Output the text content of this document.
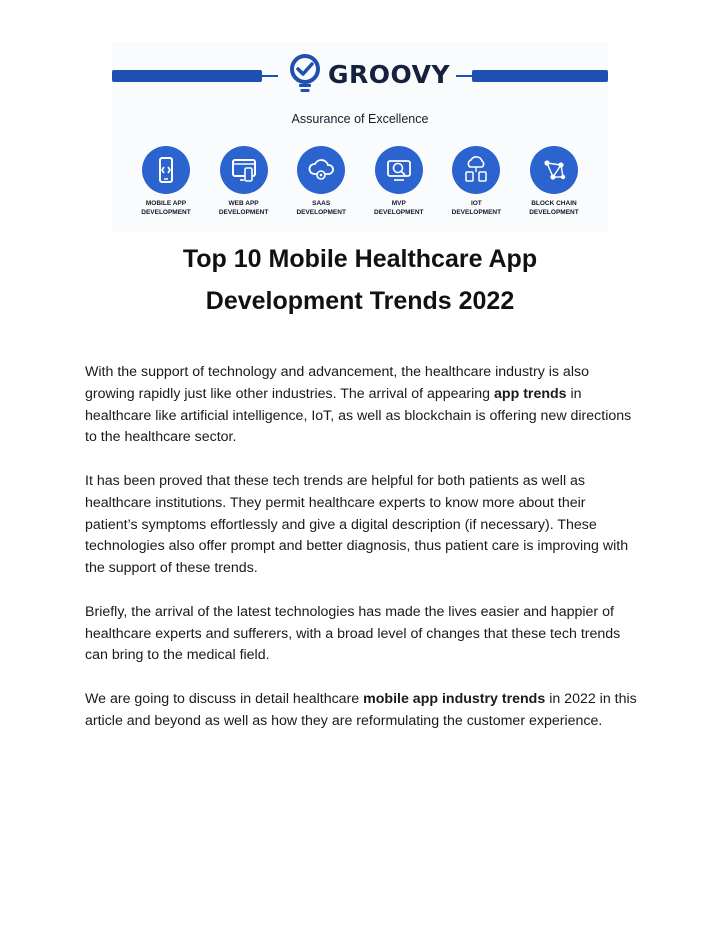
GROOVY
Assurance of Excellence
MOBILE APP
DEVELOPMENT
WEB APP
DEVELOPMENT
SAAS
DEVELOPMENT
MVP
DEVELOPMENT
IOT
DEVELOPMENT
BLOCK CHAIN
DEVELOPMENT
Top 10 Mobile Healthcare App
Development Trends 2022

With the support of technology and advancement, the healthcare industry is also growing rapidly just like other industries. The arrival of appearing app trends in healthcare like artificial intelligence, IoT, as well as blockchain is offering new directions to the healthcare sector.

It has been proved that these tech trends are helpful for both patients as well as healthcare institutions. They permit healthcare experts to know more about their patient’s symptoms effortlessly and give a digital description (if necessary). These technologies also offer prompt and better diagnosis, thus patient care is improving with the support of these trends.

Briefly, the arrival of the latest technologies has made the lives easier and happier of healthcare experts and sufferers, with a broad level of changes that these tech trends can bring to the medical field.

We are going to discuss in detail healthcare mobile app industry trends in 2022 in this article and beyond as well as how they are reformulating the customer experience.
